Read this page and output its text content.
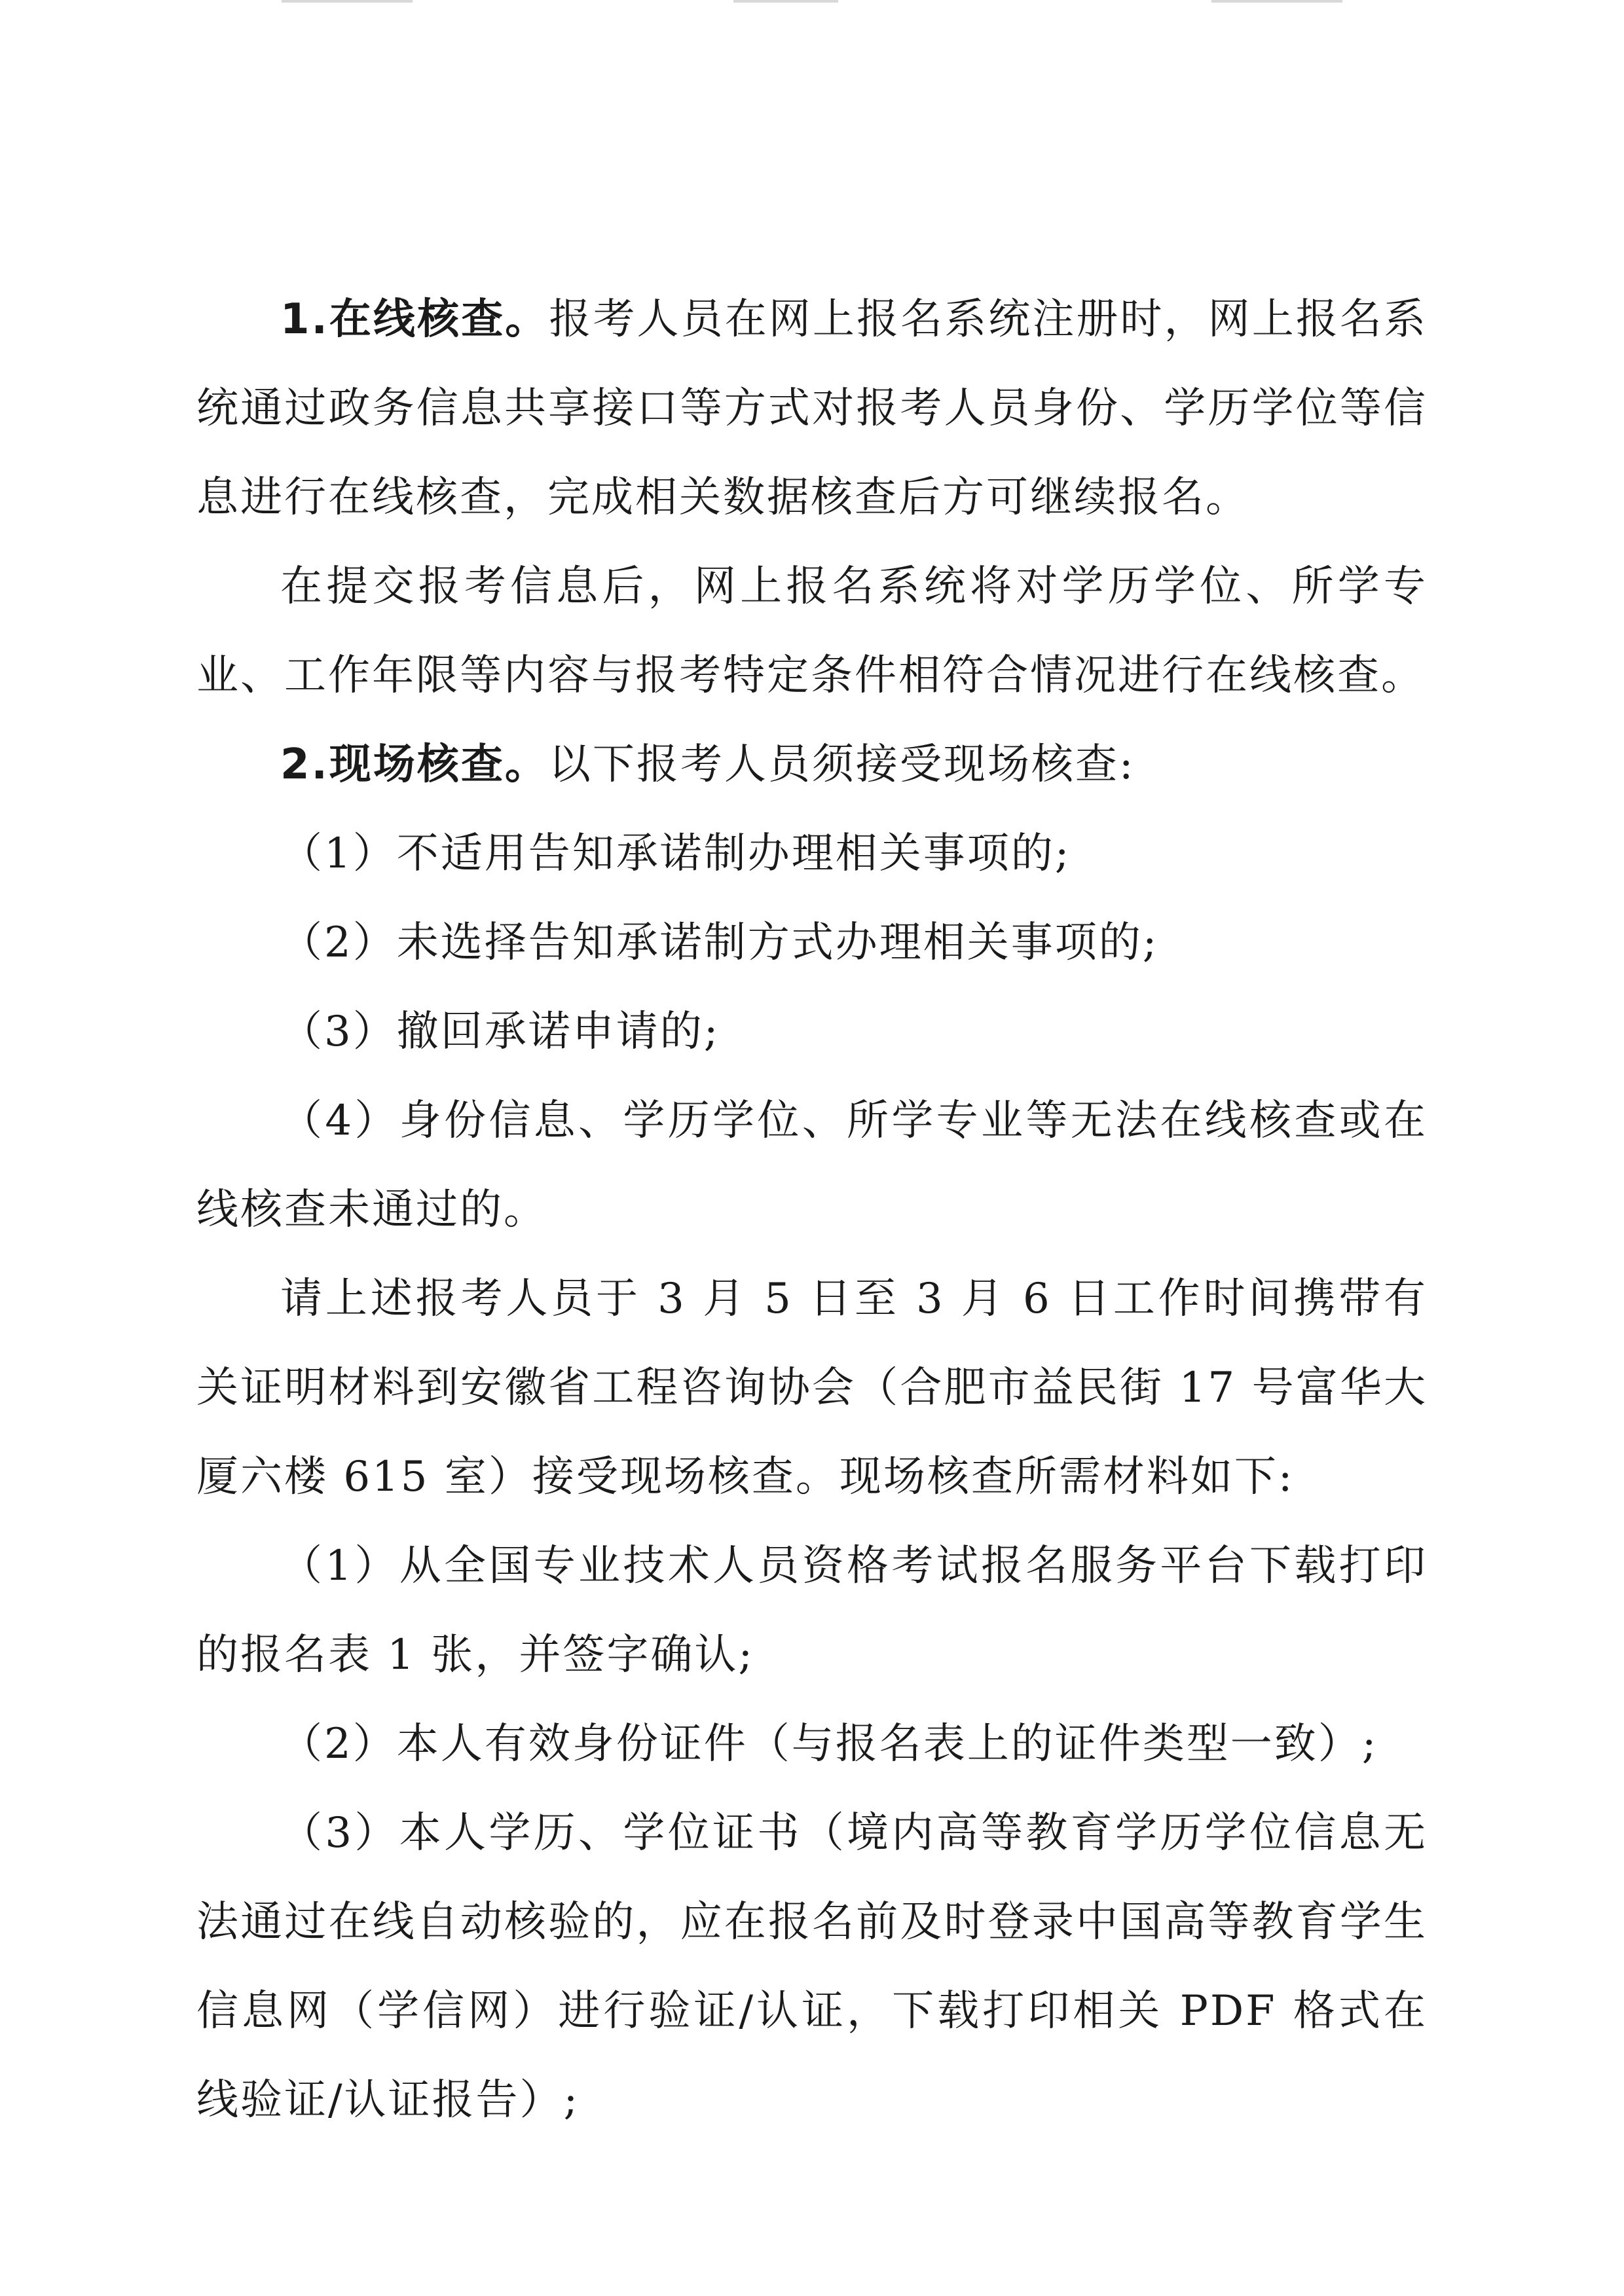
1.在线核查。报考人员在网上报名系统注册时，网上报名系统通过政务信息共享接口等方式对报考人员身份、学历学位等信息进行在线核查，完成相关数据核查后方可继续报名。

在提交报考信息后，网上报名系统将对学历学位、所学专业、工作年限等内容与报考特定条件相符合情况进行在线核查。

2.现场核查。以下报考人员须接受现场核查:

（1）不适用告知承诺制办理相关事项的;

（2）未选择告知承诺制方式办理相关事项的;

（3）撤回承诺申请的;

（4）身份信息、学历学位、所学专业等无法在线核查或在线核查未通过的。

请上述报考人员于 3 月 5 日至 3 月 6 日工作时间携带有关证明材料到安徽省工程咨询协会（合肥市益民街 17 号富华大厦六楼 615 室）接受现场核查。现场核查所需材料如下:

（1）从全国专业技术人员资格考试报名服务平台下载打印的报名表 1 张，并签字确认;

（2）本人有效身份证件（与报名表上的证件类型一致）;

（3）本人学历、学位证书（境内高等教育学历学位信息无法通过在线自动核验的，应在报名前及时登录中国高等教育学生信息网（学信网）进行验证/认证，下载打印相关 PDF 格式在线验证/认证报告）;
